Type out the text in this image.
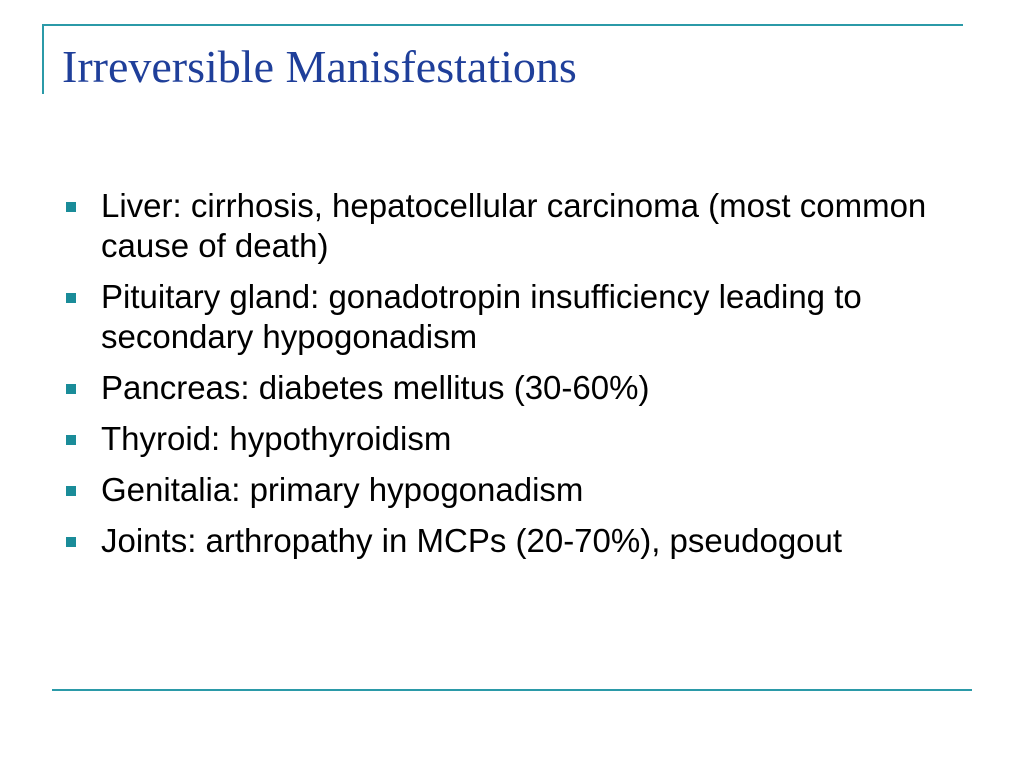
Irreversible Manisfestations
Liver: cirrhosis, hepatocellular carcinoma (most common cause of death)
Pituitary gland: gonadotropin insufficiency leading to secondary hypogonadism
Pancreas: diabetes mellitus (30-60%)
Thyroid: hypothyroidism
Genitalia: primary hypogonadism
Joints: arthropathy in MCPs (20-70%), pseudogout
